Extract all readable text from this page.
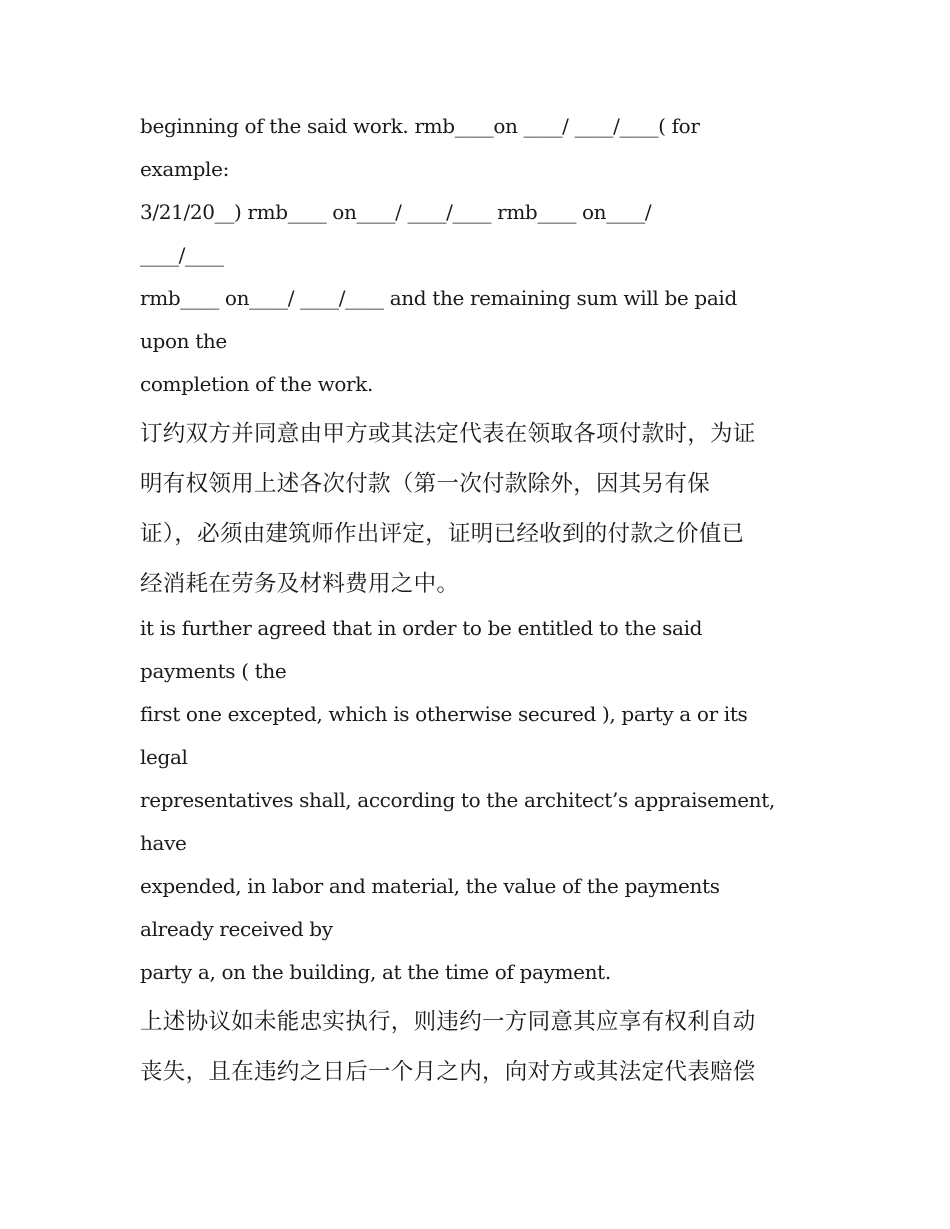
beginning of the said work. rmb____on ____/ ____/____( for

example:

3/21/20__) rmb____ on____/ ____/____ rmb____ on____/

____/____

rmb____ on____/ ____/____ and the remaining sum will be paid

upon the

completion of the work.

订约双方并同意由甲方或其法定代表在领取各项付款时，为证

明有权领用上述各次付款（第一次付款除外，因其另有保

证），必须由建筑师作出评定，证明已经收到的付款之价值已

经消耗在劳务及材料费用之中。

it is further agreed that in order to be entitled to the said

payments ( the

first one excepted, which is otherwise secured ), party a or its

legal

representatives shall, according to the architect’s appraisement,

have

expended, in labor and material, the value of the payments

already received by

party a, on the building, at the time of payment.

上述协议如未能忠实执行，则违约一方同意其应享有权利自动

丧失，且在违约之日后一个月之内，向对方或其法定代表赔偿
